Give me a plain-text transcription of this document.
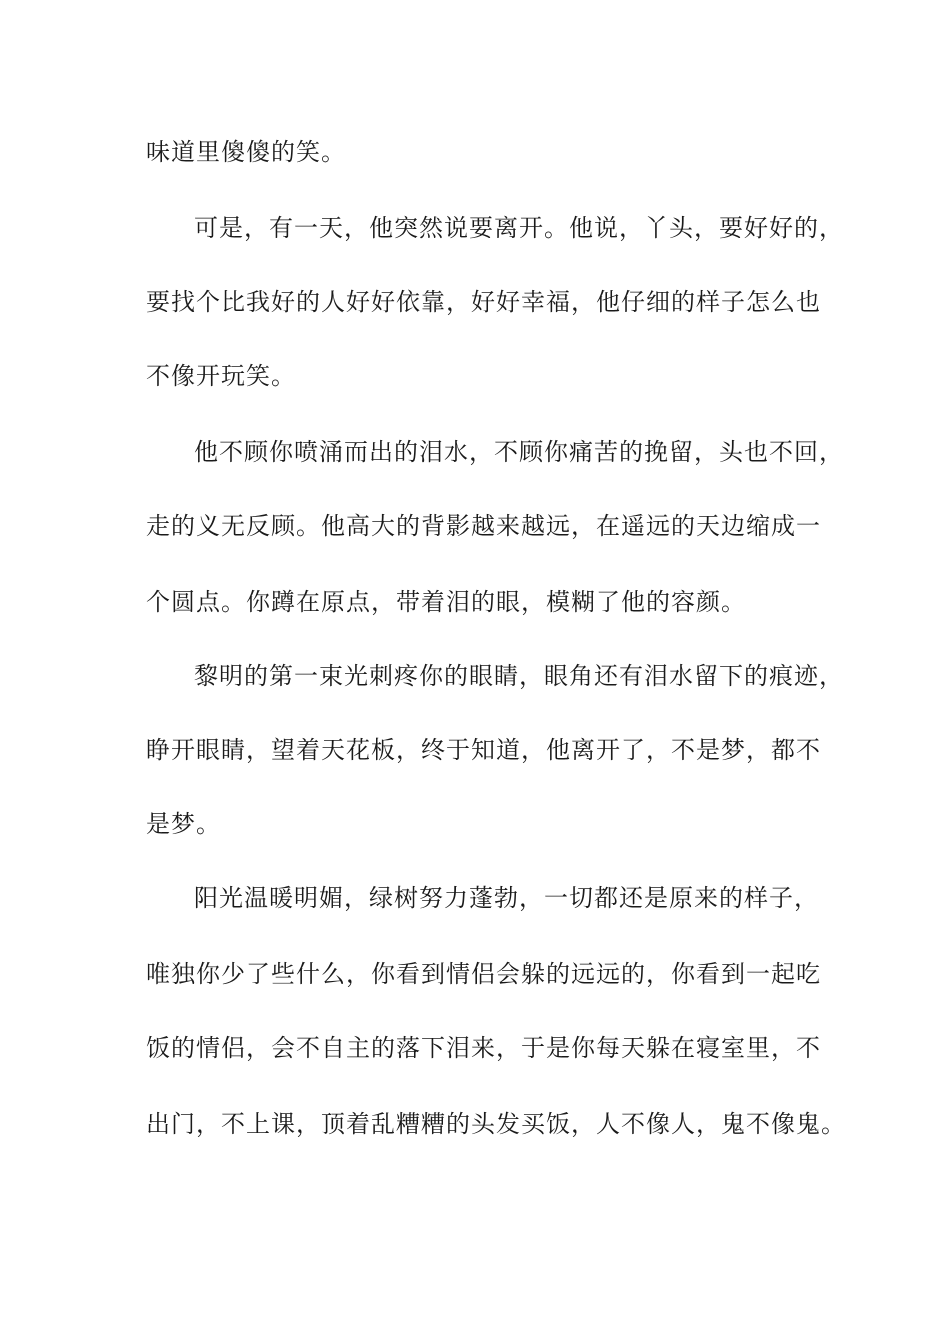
味道里傻傻的笑。
可是，有一天，他突然说要离开。他说，丫头，要好好的，
要找个比我好的人好好依靠，好好幸福，他仔细的样子怎么也
不像开玩笑。
他不顾你喷涌而出的泪水，不顾你痛苦的挽留，头也不回，
走的义无反顾。他高大的背影越来越远，在遥远的天边缩成一
个圆点。你蹲在原点，带着泪的眼，模糊了他的容颜。
黎明的第一束光刺疼你的眼睛，眼角还有泪水留下的痕迹，
睁开眼睛，望着天花板，终于知道，他离开了，不是梦，都不
是梦。
阳光温暖明媚，绿树努力蓬勃，一切都还是原来的样子，
唯独你少了些什么，你看到情侣会躲的远远的，你看到一起吃
饭的情侣，会不自主的落下泪来，于是你每天躲在寝室里，不
出门，不上课，顶着乱糟糟的头发买饭，人不像人，鬼不像鬼。
